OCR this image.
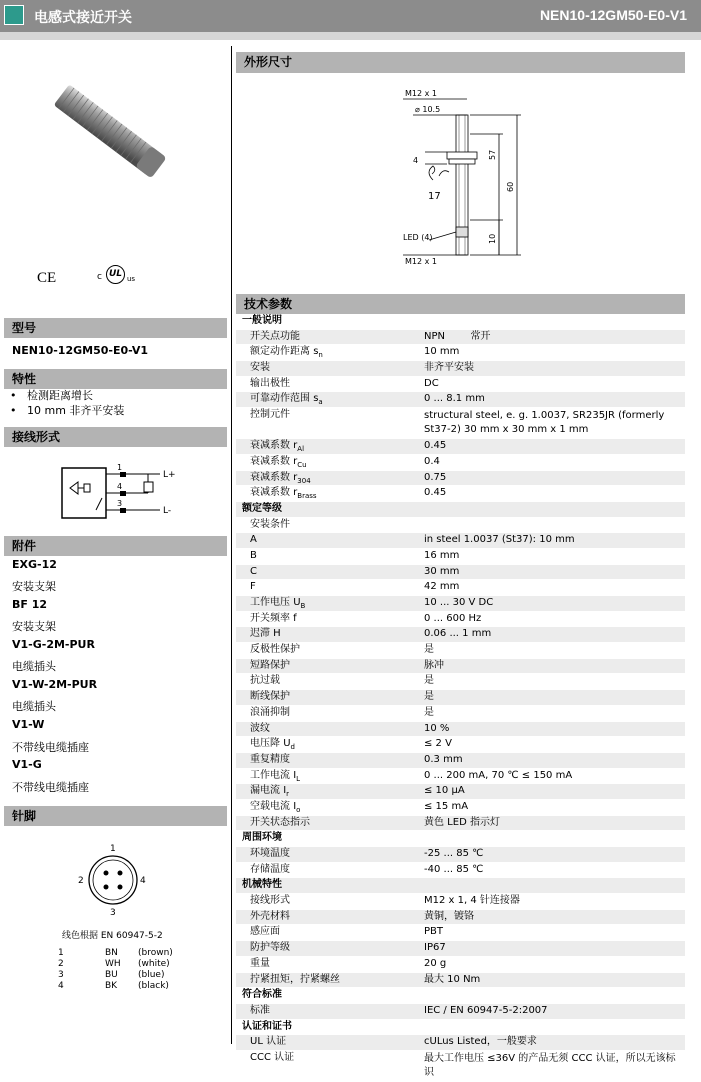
电感式接近开关	NEN10-12GM50-E0-V1
CE	c UL us
型号
NEN10-12GM50-E0-V1
特性
•   检测距离增长
•   10 mm 非齐平安装
接线形式
1
4
3
L+
L-
附件
EXG-12
安装支架
BF 12
安装支架
V1-G-2M-PUR
电缆插头
V1-W-2M-PUR
电缆插头
V1-W
不带线电缆插座
V1-G
不带线电缆插座
针脚
1
2
3
4
线色根据 EN 60947-5-2
1	BN (brown)
2	WH (white)
3	BU (blue)
4	BK (black)
外形尺寸
M12 x 1
⌀ 10.5
4
17
LED (4)
M12 x 1
57
60
10
技术参数
一般说明
开关点功能	NPN	常开
额定动作距离 $s_n$	10 mm
安装	非齐平安装
输出极性	DC
可靠动作范围 $s_a$	0 ... 8.1 mm
控制元件	structural steel, e. g. 1.0037, SR235JR (formerly St37-2) 30 mm x 30 mm x 1 mm
衰减系数 $r_{Al}$	0.45
衰减系数 $r_{Cu}$	0.4
衰减系数 $r_{304}$	0.75
衰减系数 $r_{Brass}$	0.45
额定等级
安装条件
A	in steel 1.0037 (St37): 10 mm
B	16 mm
C	30 mm
F	42 mm
工作电压 $U_B$	10 ... 30 V DC
开关频率 f	0 ... 600 Hz
迟滞 H	0.06 ... 1 mm
反极性保护	是
短路保护	脉冲
抗过载	是
断线保护	是
浪涌抑制	是
波纹	10 %
电压降 $U_d$	≤ 2 V
重复精度	0.3 mm
工作电流 $I_L$	0 ... 200 mA, 70 ℃ ≤ 150 mA
漏电流 $I_r$	≤ 10 μA
空载电流 $I_o$	≤ 15 mA
开关状态指示	黄色 LED 指示灯
周围环境
环境温度	-25 ... 85 ℃
存储温度	-40 ... 85 ℃
机械特性
接线形式	M12 x 1, 4 针连接器
外壳材料	黄铜，镀铬
感应面	PBT
防护等级	IP67
重量	20 g
拧紧扭矩，拧紧螺丝	最大 10 Nm
符合标准
标准	IEC / EN 60947-5-2:2007
认证和证书
UL 认证	cULus Listed，一般要求
CCC 认证	最大工作电压 ≤36V 的产品无须 CCC 认证，所以无该标识
